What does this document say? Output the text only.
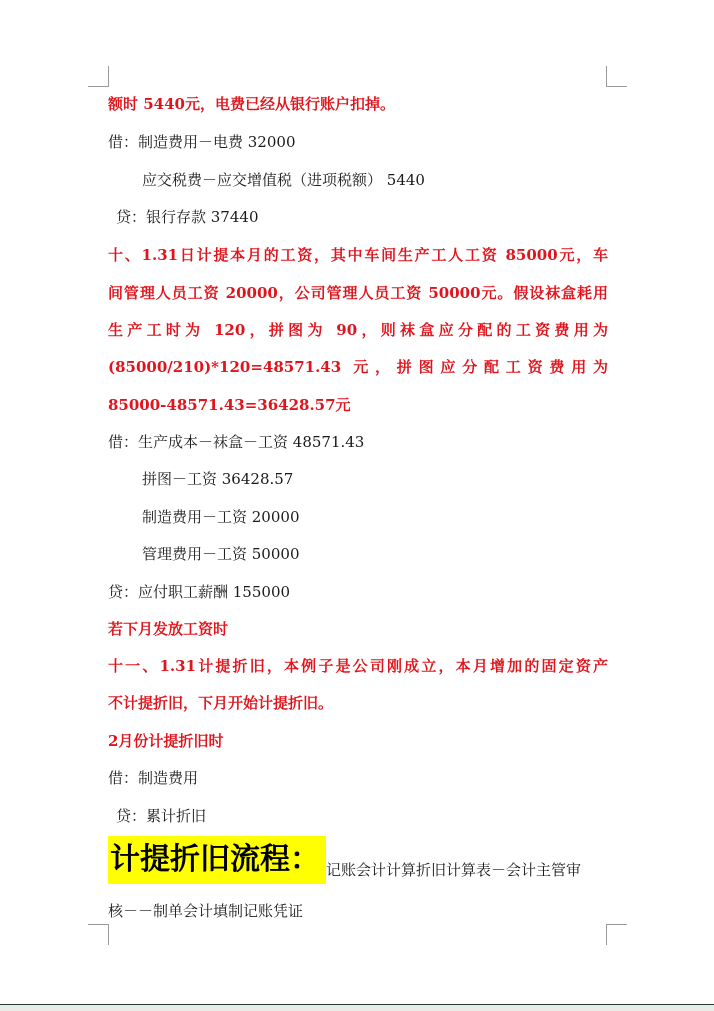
额时 5440元，电费已经从银行账户扣掉。
借：制造费用－电费 32000
应交税费－应交增值税（进项税额） 5440
贷：银行存款 37440
十、1.31日计提本月的工资，其中车间生产工人工资 85000元，车
间管理人员工资 20000，公司管理人员工资 50000元。假设袜盒耗用
生产工时为 120，拼图为 90，则袜盒应分配的工资费用为
(85000/210)*120=48571.43 元，拼图应分配工资费用为
85000-48571.43=36428.57元
借：生产成本－袜盒－工资 48571.43
拼图－工资 36428.57
制造费用－工资 20000
管理费用－工资 50000
贷：应付职工薪酬 155000
若下月发放工资时
十一、1.31计提折旧，本例子是公司刚成立，本月增加的固定资产
不计提折旧，下月开始计提折旧。
2月份计提折旧时
借：制造费用
贷：累计折旧
计提折旧流程： 记账会计计算折旧计算表－会计主管审
核－－制单会计填制记账凭证
